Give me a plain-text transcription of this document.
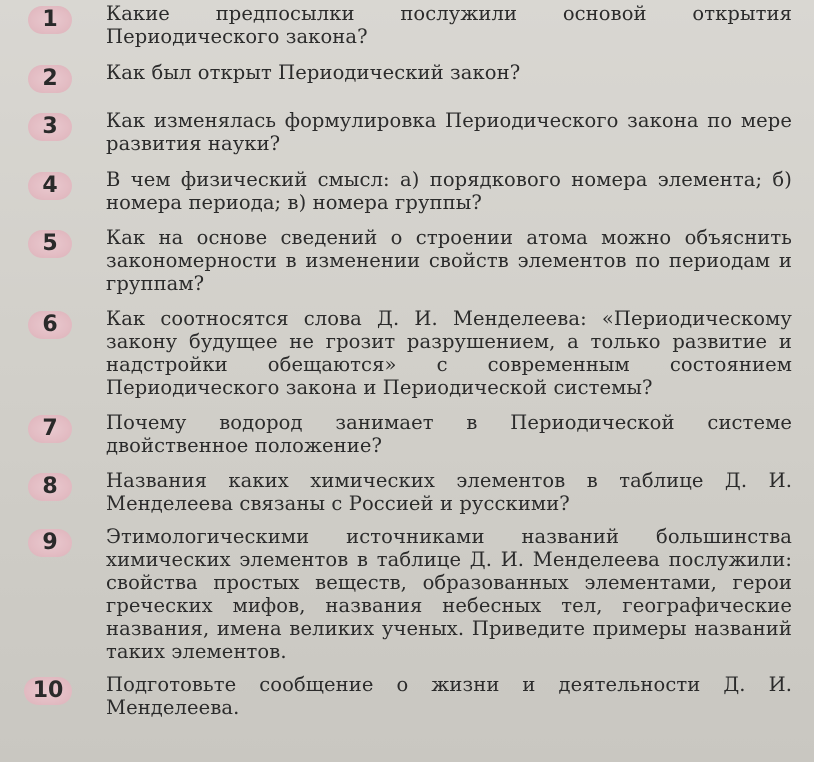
1	Какие предпосылки послужили основой открытия Периодического закона?
2	Как был открыт Периодический закон?
3	Как изменялась формулировка Периодического закона по мере развития науки?
4	В чем физический смысл: а) порядкового номера элемента; б) номера периода; в) номера группы?
5	Как на основе сведений о строении атома можно объяснить закономерности в изменении свойств элементов по периодам и группам?
6	Как соотносятся слова Д. И. Менделеева: «Периодическому закону будущее не грозит разрушением, а только развитие и надстройки обещаются» с современным состоянием Периодического закона и Периодической системы?
7	Почему водород занимает в Периодической системе двойственное положение?
8	Названия каких химических элементов в таблице Д. И. Менделеева связаны с Россией и русскими?
9	Этимологическими источниками названий большинства химических элементов в таблице Д. И. Менделеева послужили: свойства простых веществ, образованных элементами, герои греческих мифов, названия небесных тел, географические названия, имена великих ученых. Приведите примеры названий таких элементов.
10	Подготовьте сообщение о жизни и деятельности Д. И. Менделеева.
